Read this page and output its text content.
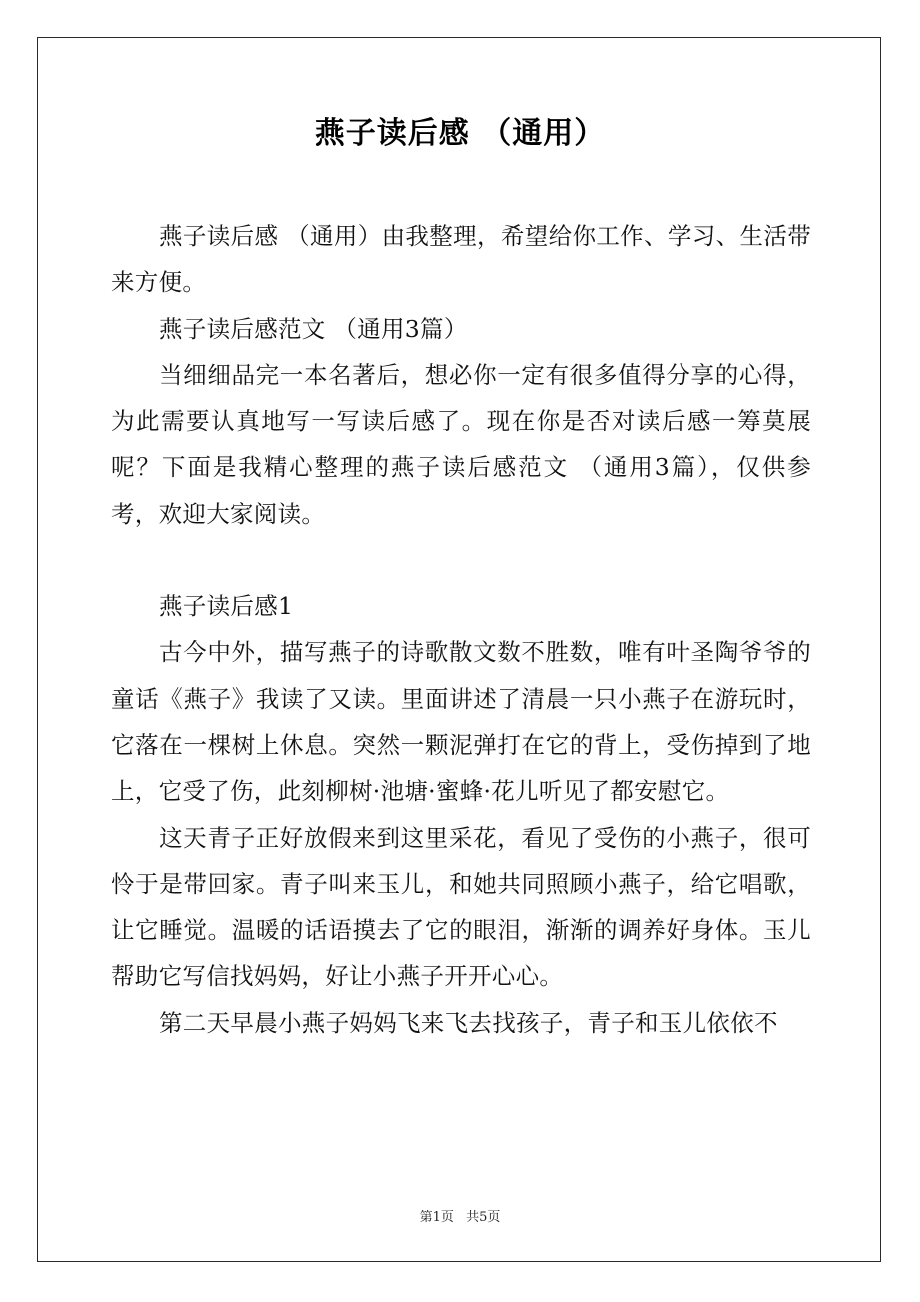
燕子读后感 （通用）

燕子读后感 （通用）由我整理，希望给你工作、学习、生活带来方便。

燕子读后感范文 （通用3篇）

当细细品完一本名著后，想必你一定有很多值得分享的心得，为此需要认真地写一写读后感了。现在你是否对读后感一筹莫展呢？下面是我精心整理的燕子读后感范文 （通用3篇），仅供参考，欢迎大家阅读。

燕子读后感1

古今中外，描写燕子的诗歌散文数不胜数，唯有叶圣陶爷爷的童话《燕子》我读了又读。里面讲述了清晨一只小燕子在游玩时，它落在一棵树上休息。突然一颗泥弹打在它的背上，受伤掉到了地上，它受了伤，此刻柳树·池塘·蜜蜂·花儿听见了都安慰它。

这天青子正好放假来到这里采花，看见了受伤的小燕子，很可怜于是带回家。青子叫来玉儿，和她共同照顾小燕子，给它唱歌，让它睡觉。温暖的话语摸去了它的眼泪，渐渐的调养好身体。玉儿帮助它写信找妈妈，好让小燕子开开心心。

第二天早晨小燕子妈妈飞来飞去找孩子，青子和玉儿依依不

第1页 共5页
